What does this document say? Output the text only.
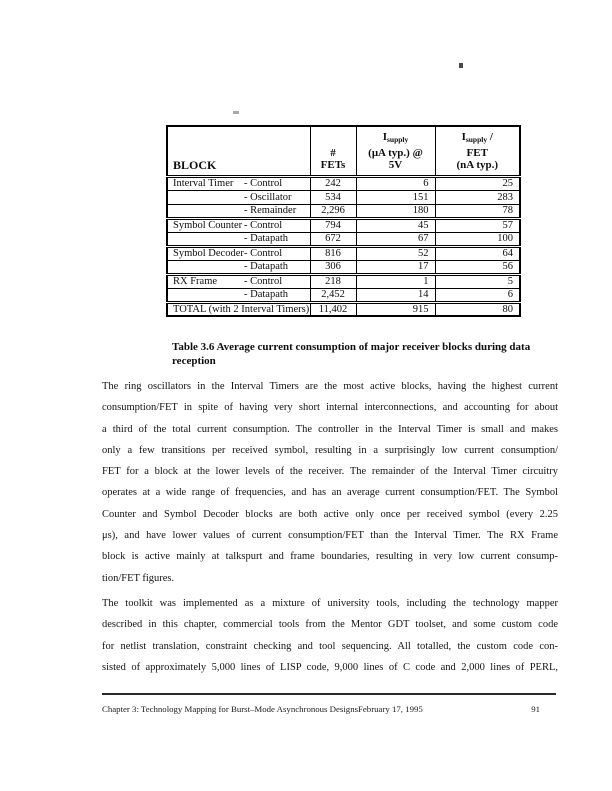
BLOCK

#
FETs

$I_{supply}$
(μA typ.) @
5V

$I_{supply}$ /
FET
(nA typ.)

Interval Timer - Control	242	6	25
- Oscillator	534	151	283
- Remainder	2,296	180	78
Symbol Counter - Control	794	45	57
- Datapath	672	67	100
Symbol Decoder- Control	816	52	64
- Datapath	306	17	56
RX Frame - Control	218	1	5
- Datapath	2,452	14	6
TOTAL (with 2 Interval Timers)	11,402	915	80
Table 3.6 Average current consumption of major receiver blocks during data
reception
The ring oscillators in the Interval Timers are the most active blocks, having the highest current
consumption/FET in spite of having very short internal interconnections, and accounting for about
a third of the total current consumption. The controller in the Interval Timer is small and makes
only a few transitions per received symbol, resulting in a surprisingly low current consumption/
FET for a block at the lower levels of the receiver. The remainder of the Interval Timer circuitry
operates at a wide range of frequencies, and has an average current consumption/FET. The Symbol
Counter and Symbol Decoder blocks are both active only once per received symbol (every 2.25
μs), and have lower values of current consumption/FET than the Interval Timer. The RX Frame
block is active mainly at talkspurt and frame boundaries, resulting in very low current consump-
tion/FET figures.
The toolkit was implemented as a mixture of university tools, including the technology mapper
described in this chapter, commercial tools from the Mentor GDT toolset, and some custom code
for netlist translation, constraint checking and tool sequencing. All totalled, the custom code con-
sisted of approximately 5,000 lines of LISP code, 9,000 lines of C code and 2,000 lines of PERL,
Chapter 3: Technology Mapping for Burst–Mode Asynchronous DesignsFebruary 17, 1995	91
